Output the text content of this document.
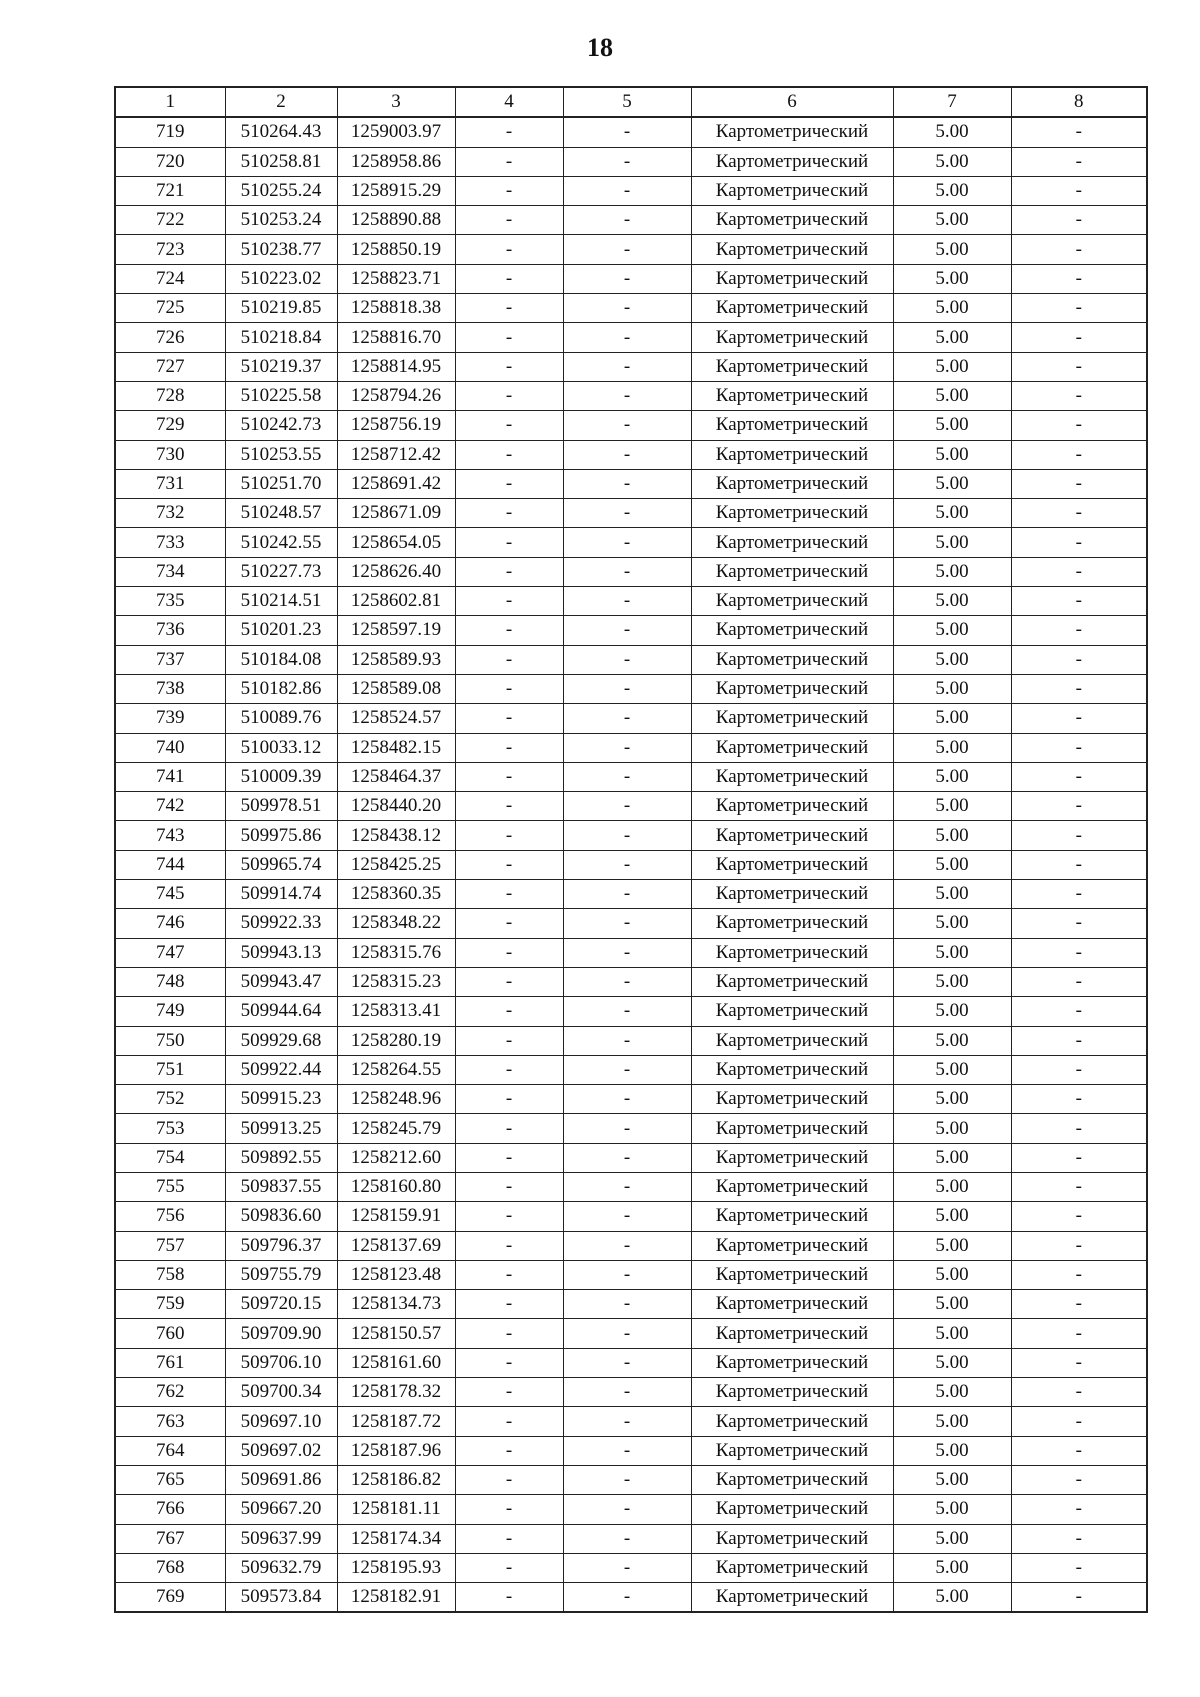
18
1	2	3	4	5	6	7	8
719	510264.43	1259003.97	-	-	Картометрический	5.00	-
720	510258.81	1258958.86	-	-	Картометрический	5.00	-
721	510255.24	1258915.29	-	-	Картометрический	5.00	-
722	510253.24	1258890.88	-	-	Картометрический	5.00	-
723	510238.77	1258850.19	-	-	Картометрический	5.00	-
724	510223.02	1258823.71	-	-	Картометрический	5.00	-
725	510219.85	1258818.38	-	-	Картометрический	5.00	-
726	510218.84	1258816.70	-	-	Картометрический	5.00	-
727	510219.37	1258814.95	-	-	Картометрический	5.00	-
728	510225.58	1258794.26	-	-	Картометрический	5.00	-
729	510242.73	1258756.19	-	-	Картометрический	5.00	-
730	510253.55	1258712.42	-	-	Картометрический	5.00	-
731	510251.70	1258691.42	-	-	Картометрический	5.00	-
732	510248.57	1258671.09	-	-	Картометрический	5.00	-
733	510242.55	1258654.05	-	-	Картометрический	5.00	-
734	510227.73	1258626.40	-	-	Картометрический	5.00	-
735	510214.51	1258602.81	-	-	Картометрический	5.00	-
736	510201.23	1258597.19	-	-	Картометрический	5.00	-
737	510184.08	1258589.93	-	-	Картометрический	5.00	-
738	510182.86	1258589.08	-	-	Картометрический	5.00	-
739	510089.76	1258524.57	-	-	Картометрический	5.00	-
740	510033.12	1258482.15	-	-	Картометрический	5.00	-
741	510009.39	1258464.37	-	-	Картометрический	5.00	-
742	509978.51	1258440.20	-	-	Картометрический	5.00	-
743	509975.86	1258438.12	-	-	Картометрический	5.00	-
744	509965.74	1258425.25	-	-	Картометрический	5.00	-
745	509914.74	1258360.35	-	-	Картометрический	5.00	-
746	509922.33	1258348.22	-	-	Картометрический	5.00	-
747	509943.13	1258315.76	-	-	Картометрический	5.00	-
748	509943.47	1258315.23	-	-	Картометрический	5.00	-
749	509944.64	1258313.41	-	-	Картометрический	5.00	-
750	509929.68	1258280.19	-	-	Картометрический	5.00	-
751	509922.44	1258264.55	-	-	Картометрический	5.00	-
752	509915.23	1258248.96	-	-	Картометрический	5.00	-
753	509913.25	1258245.79	-	-	Картометрический	5.00	-
754	509892.55	1258212.60	-	-	Картометрический	5.00	-
755	509837.55	1258160.80	-	-	Картометрический	5.00	-
756	509836.60	1258159.91	-	-	Картометрический	5.00	-
757	509796.37	1258137.69	-	-	Картометрический	5.00	-
758	509755.79	1258123.48	-	-	Картометрический	5.00	-
759	509720.15	1258134.73	-	-	Картометрический	5.00	-
760	509709.90	1258150.57	-	-	Картометрический	5.00	-
761	509706.10	1258161.60	-	-	Картометрический	5.00	-
762	509700.34	1258178.32	-	-	Картометрический	5.00	-
763	509697.10	1258187.72	-	-	Картометрический	5.00	-
764	509697.02	1258187.96	-	-	Картометрический	5.00	-
765	509691.86	1258186.82	-	-	Картометрический	5.00	-
766	509667.20	1258181.11	-	-	Картометрический	5.00	-
767	509637.99	1258174.34	-	-	Картометрический	5.00	-
768	509632.79	1258195.93	-	-	Картометрический	5.00	-
769	509573.84	1258182.91	-	-	Картометрический	5.00	-
